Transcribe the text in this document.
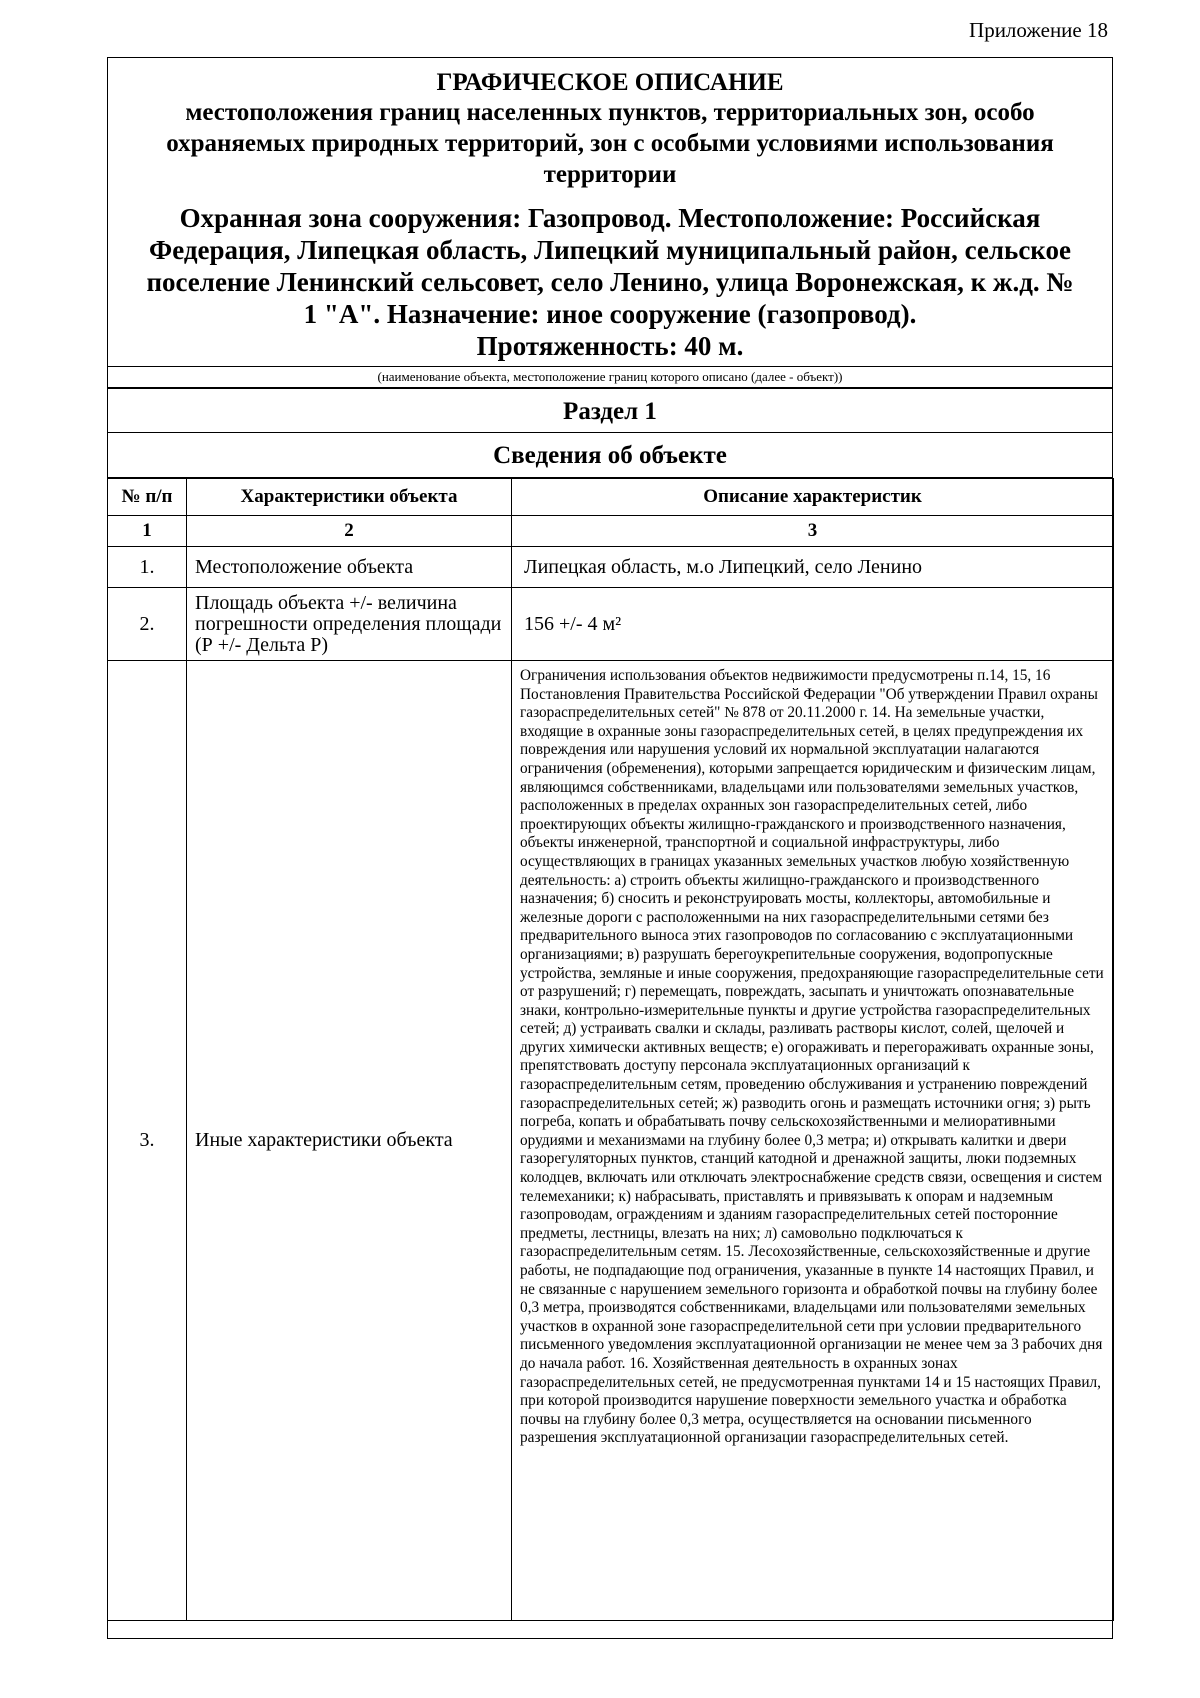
Приложение 18
ГРАФИЧЕСКОЕ ОПИСАНИЕ
местоположения границ населенных пунктов, территориальных зон, особо охраняемых природных территорий, зон с особыми условиями использования территории
Охранная зона сооружения: Газопровод. Местоположение: Российская Федерация, Липецкая область, Липецкий муниципальный район, сельское поселение Ленинский сельсовет, село Ленино, улица Воронежская, к ж.д. № 1 "А". Назначение: иное сооружение (газопровод).
Протяженность: 40 м.
(наименование объекта, местоположение границ которого описано (далее - объект))
Раздел 1
Сведения об объекте
№ п/п	Характеристики объекта	Описание характеристик
1	2	3
1.	Местоположение объекта	Липецкая область, м.о Липецкий, село Ленино
2.	Площадь объекта +/- величина погрешности определения площади (Р +/- Дельта Р)	156 +/- 4 м²
3.	Иные характеристики объекта	Ограничения использования объектов недвижимости предусмотрены п.14, 15, 16 Постановления Правительства Российской Федерации "Об утверждении Правил охраны газораспределительных сетей" № 878 от 20.11.2000 г. 14. На земельные участки, входящие в охранные зоны газораспределительных сетей, в целях предупреждения их повреждения или нарушения условий их нормальной эксплуатации налагаются ограничения (обременения), которыми запрещается юридическим и физическим лицам, являющимся собственниками, владельцами или пользователями земельных участков, расположенных в пределах охранных зон газораспределительных сетей, либо проектирующих объекты жилищно-гражданского и производственного назначения, объекты инженерной, транспортной и социальной инфраструктуры, либо осуществляющих в границах указанных земельных участков любую хозяйственную деятельность: а) строить объекты жилищно-гражданского и производственного назначения; б) сносить и реконструировать мосты, коллекторы, автомобильные и железные дороги с расположенными на них газораспределительными сетями без предварительного выноса этих газопроводов по согласованию с эксплуатационными организациями; в) разрушать берегоукрепительные сооружения, водопропускные устройства, земляные и иные сооружения, предохраняющие газораспределительные сети от разрушений; г) перемещать, повреждать, засыпать и уничтожать опознавательные знаки, контрольно-измерительные пункты и другие устройства газораспределительных сетей; д) устраивать свалки и склады, разливать растворы кислот, солей, щелочей и других химически активных веществ; е) огораживать и перегораживать охранные зоны, препятствовать доступу персонала эксплуатационных организаций к газораспределительным сетям, проведению обслуживания и устранению повреждений газораспределительных сетей; ж) разводить огонь и размещать источники огня; з) рыть погреба, копать и обрабатывать почву сельскохозяйственными и мелиоративными орудиями и механизмами на глубину более 0,3 метра; и) открывать калитки и двери газорегуляторных пунктов, станций катодной и дренажной защиты, люки подземных колодцев, включать или отключать электроснабжение средств связи, освещения и систем телемеханики; к) набрасывать, приставлять и привязывать к опорам и надземным газопроводам, ограждениям и зданиям газораспределительных сетей посторонние предметы, лестницы, влезать на них; л) самовольно подключаться к газораспределительным сетям. 15. Лесохозяйственные, сельскохозяйственные и другие работы, не подпадающие под ограничения, указанные в пункте 14 настоящих Правил, и не связанные с нарушением земельного горизонта и обработкой почвы на глубину более 0,3 метра, производятся собственниками, владельцами или пользователями земельных участков в охранной зоне газораспределительной сети при условии предварительного письменного уведомления эксплуатационной организации не менее чем за 3 рабочих дня до начала работ. 16. Хозяйственная деятельность в охранных зонах газораспределительных сетей, не предусмотренная пунктами 14 и 15 настоящих Правил, при которой производится нарушение поверхности земельного участка и обработка почвы на глубину более 0,3 метра, осуществляется на основании письменного разрешения эксплуатационной организации газораспределительных сетей.
